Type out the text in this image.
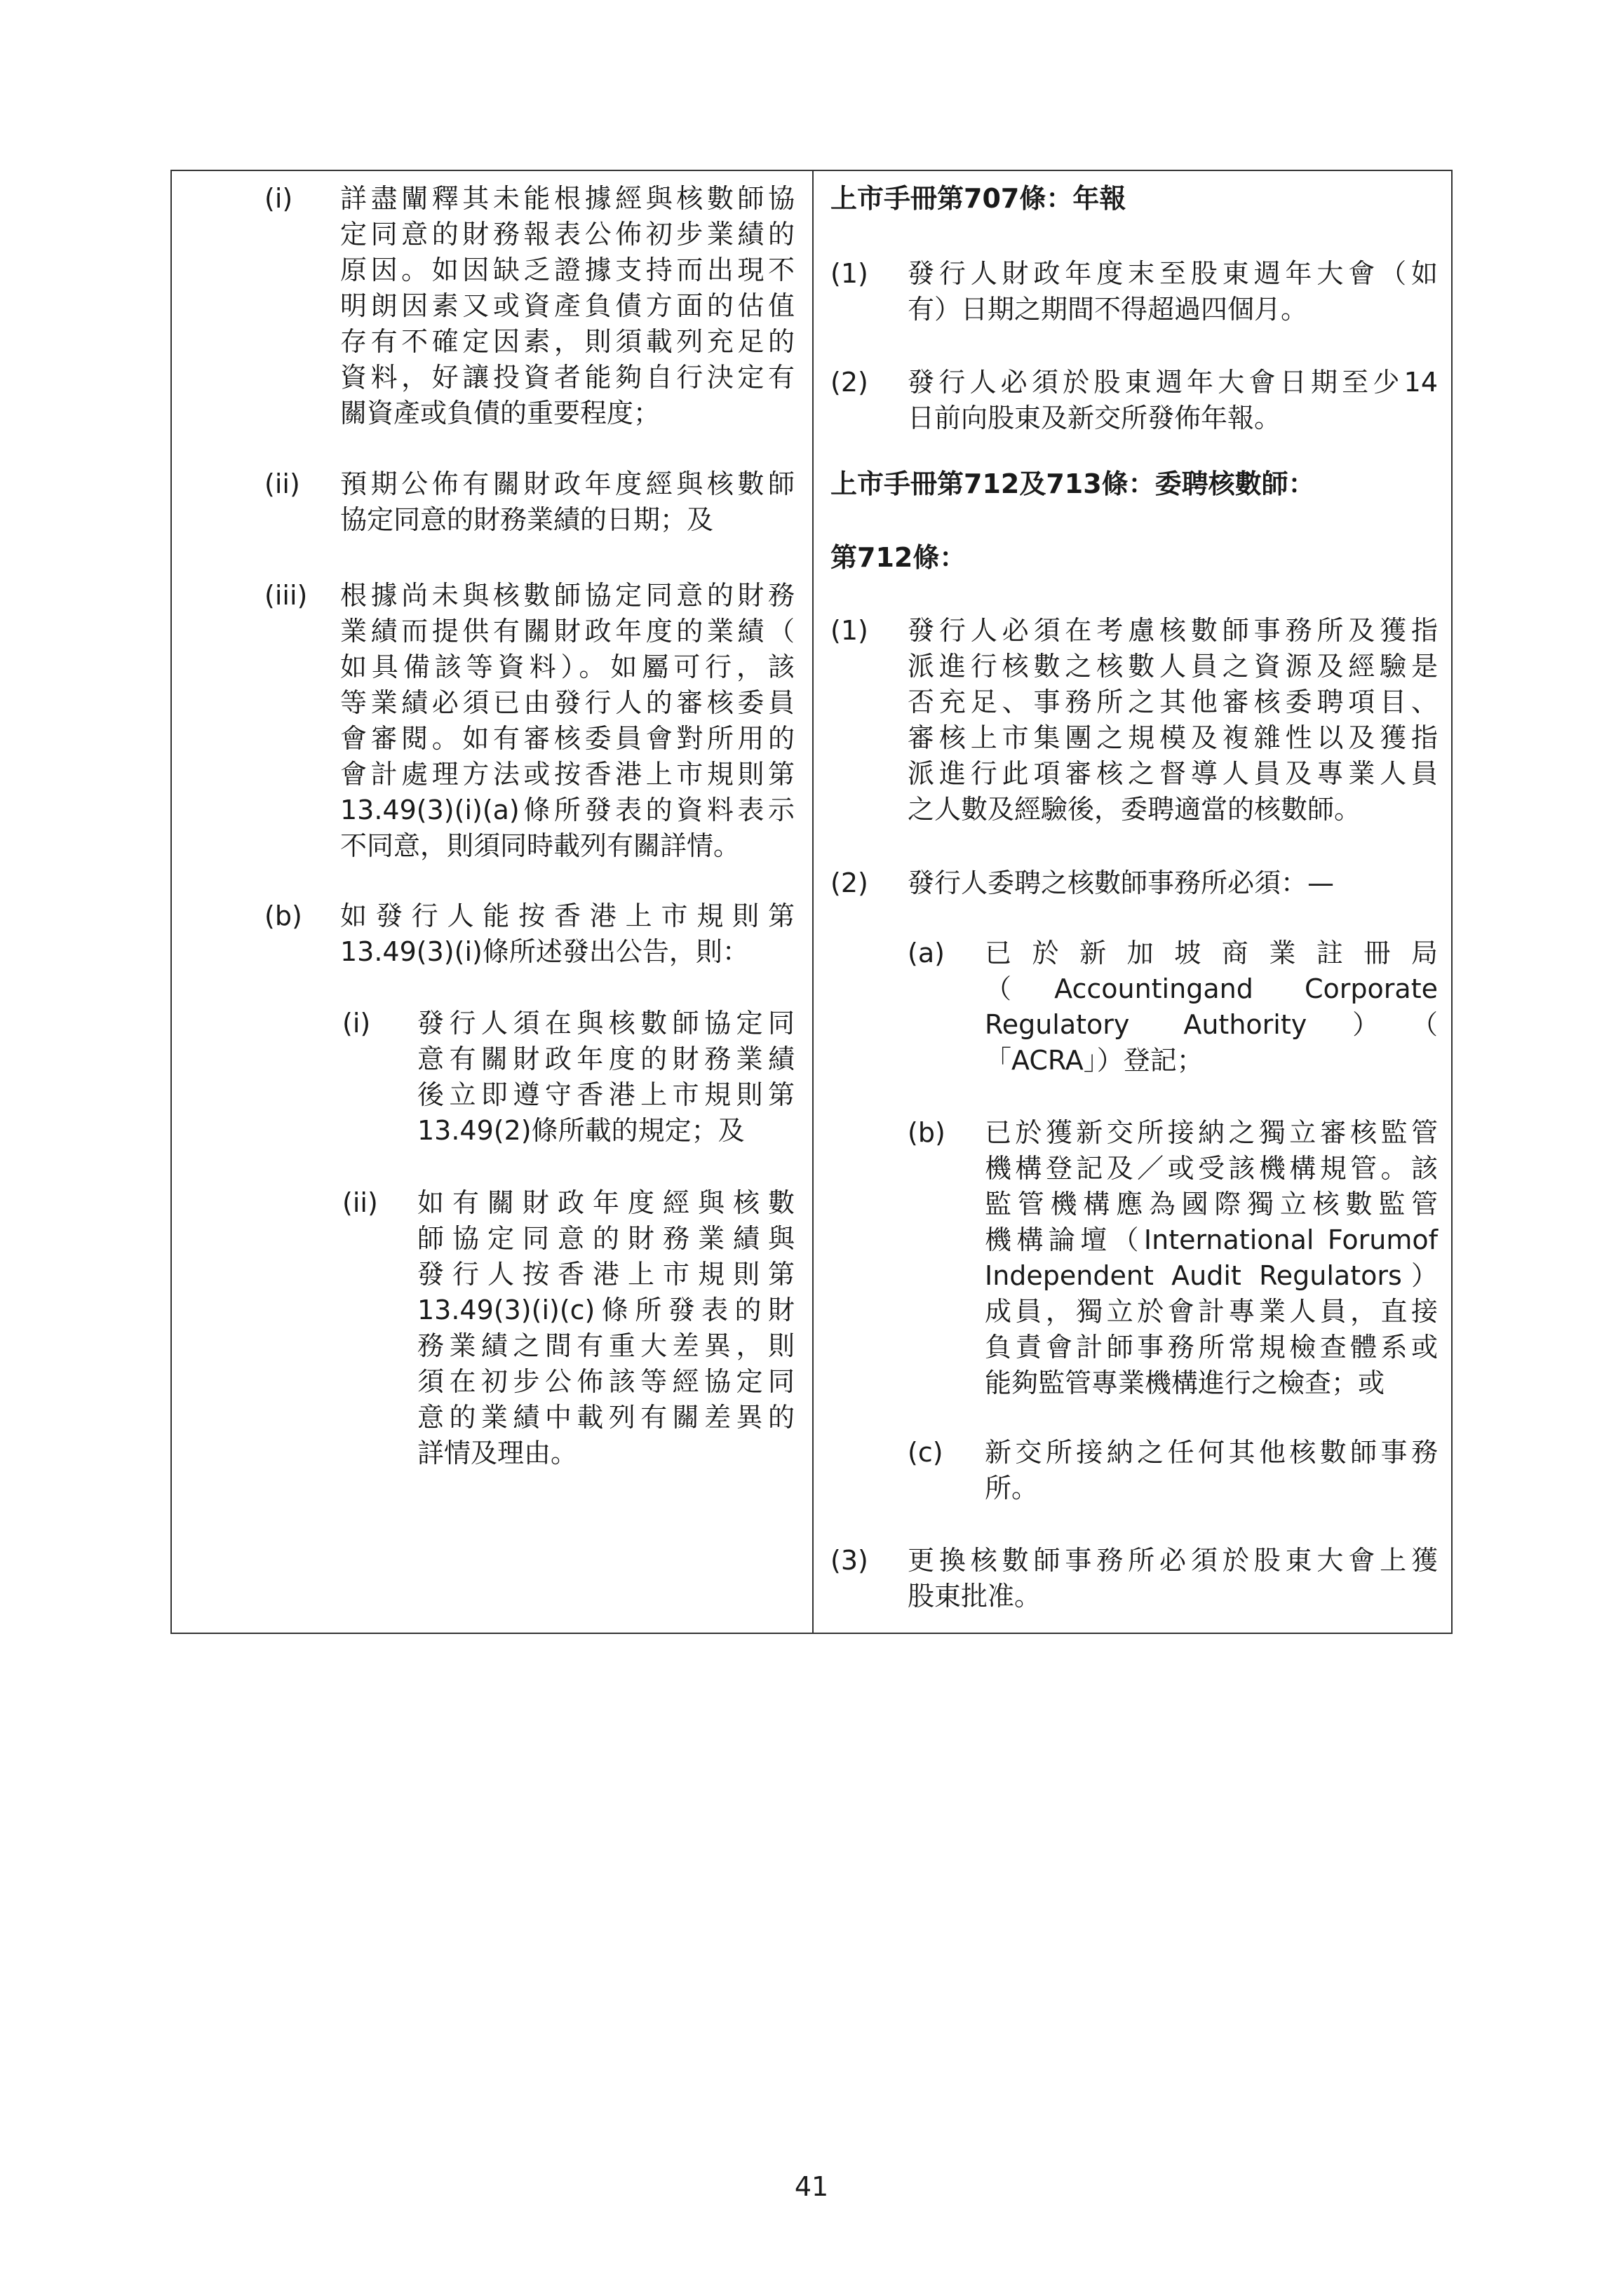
(i) 詳盡闡釋其未能根據經與核數師協
定同意的財務報表公佈初步業績的
原因。如因缺乏證據支持而出現不
明朗因素又或資產負債方面的估值
存有不確定因素，則須載列充足的
資料，好讓投資者能夠自行決定有
關資產或負債的重要程度；
(ii) 預期公佈有關財政年度經與核數師
協定同意的財務業績的日期；及
(iii) 根據尚未與核數師協定同意的財務
業績而提供有關財政年度的業績（
如具備該等資料）。如屬可行，該
等業績必須已由發行人的審核委員
會審閱。如有審核委員會對所用的
會計處理方法或按香港上市規則第
13.49(3)(i)(a)條所發表的資料表示
不同意，則須同時載列有關詳情。
(b) 如發行人能按香港上市規則第
13.49(3)(i)條所述發出公告，則：
(i) 發行人須在與核數師協定同
意有關財政年度的財務業績
後立即遵守香港上市規則第
13.49(2)條所載的規定；及
(ii) 如有關財政年度經與核數
師協定同意的財務業績與
發行人按香港上市規則第
13.49(3)(i)(c)條所發表的財
務業績之間有重大差異，則
須在初步公佈該等經協定同
意的業績中載列有關差異的
詳情及理由。
上市手冊第707條：年報
(1) 發行人財政年度末至股東週年大會（如
有）日期之期間不得超過四個月。
(2) 發行人必須於股東週年大會日期至少14
日前向股東及新交所發佈年報。
上市手冊第712及713條：委聘核數師：
第712條：
(1) 發行人必須在考慮核數師事務所及獲指
派進行核數之核數人員之資源及經驗是
否充足、事務所之其他審核委聘項目、
審核上市集團之規模及複雜性以及獲指
派進行此項審核之督導人員及專業人員
之人數及經驗後，委聘適當的核數師。
(2) 發行人委聘之核數師事務所必須：—
(a) 已於新加坡商業註冊局
（Accountingand Corporate
Regulatory Authority）（
「ACRA」）登記；
(b) 已於獲新交所接納之獨立審核監管
機構登記及／或受該機構規管。該
監管機構應為國際獨立核數監管
機構論壇（International Forumof
Independent Audit Regulators）
成員，獨立於會計專業人員，直接
負責會計師事務所常規檢查體系或
能夠監管專業機構進行之檢查；或
(c) 新交所接納之任何其他核數師事務
所。
(3) 更換核數師事務所必須於股東大會上獲
股東批准。
41
